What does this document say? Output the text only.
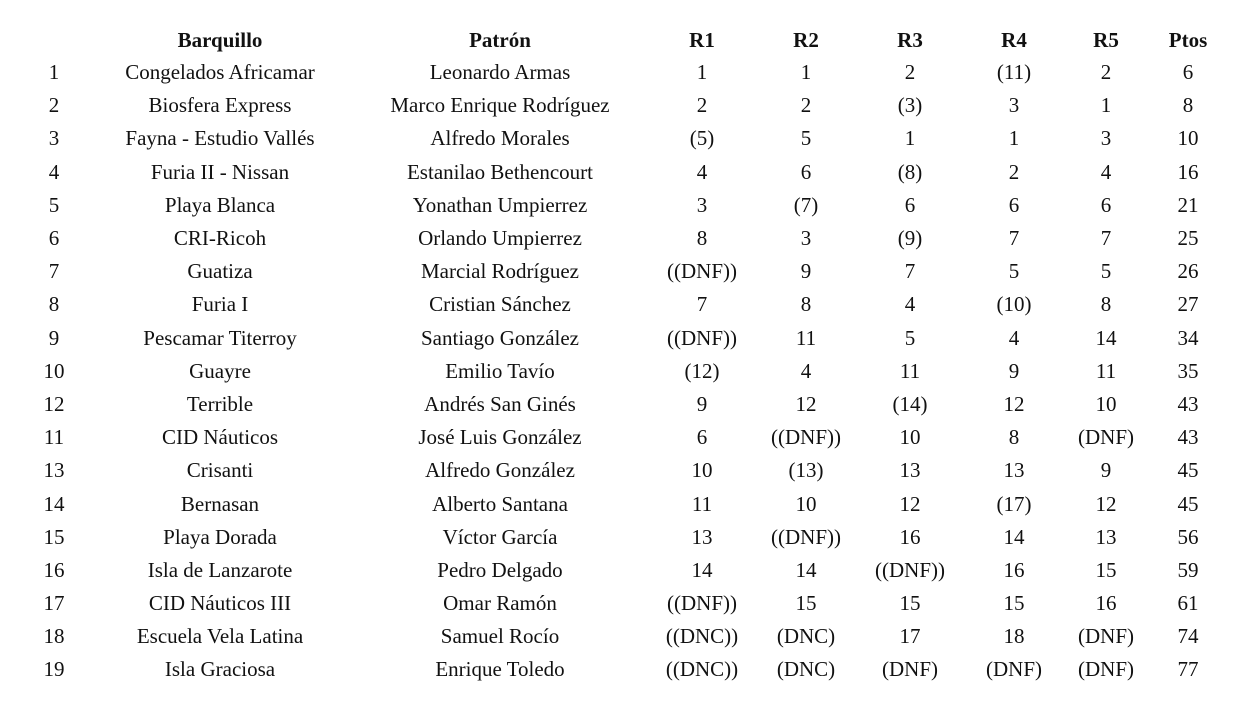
	Barquillo	Patrón	R1	R2	R3	R4	R5	Ptos
1	Congelados Africamar	Leonardo Armas	1	1	2	(11)	2	6
2	Biosfera Express	Marco Enrique Rodríguez	2	2	(3)	3	1	8
3	Fayna - Estudio Vallés	Alfredo Morales	(5)	5	1	1	3	10
4	Furia II - Nissan	Estanilao Bethencourt	4	6	(8)	2	4	16
5	Playa Blanca	Yonathan Umpierrez	3	(7)	6	6	6	21
6	CRI-Ricoh	Orlando Umpierrez	8	3	(9)	7	7	25
7	Guatiza	Marcial Rodríguez	((DNF))	9	7	5	5	26
8	Furia I	Cristian Sánchez	7	8	4	(10)	8	27
9	Pescamar Titerroy	Santiago González	((DNF))	11	5	4	14	34
10	Guayre	Emilio Tavío	(12)	4	11	9	11	35
12	Terrible	Andrés San Ginés	9	12	(14)	12	10	43
11	CID Náuticos	José Luis González	6	((DNF))	10	8	(DNF)	43
13	Crisanti	Alfredo González	10	(13)	13	13	9	45
14	Bernasan	Alberto Santana	11	10	12	(17)	12	45
15	Playa Dorada	Víctor García	13	((DNF))	16	14	13	56
16	Isla de Lanzarote	Pedro Delgado	14	14	((DNF))	16	15	59
17	CID Náuticos III	Omar Ramón	((DNF))	15	15	15	16	61
18	Escuela Vela Latina	Samuel Rocío	((DNC))	(DNC)	17	18	(DNF)	74
19	Isla Graciosa	Enrique Toledo	((DNC))	(DNC)	(DNF)	(DNF)	(DNF)	77
